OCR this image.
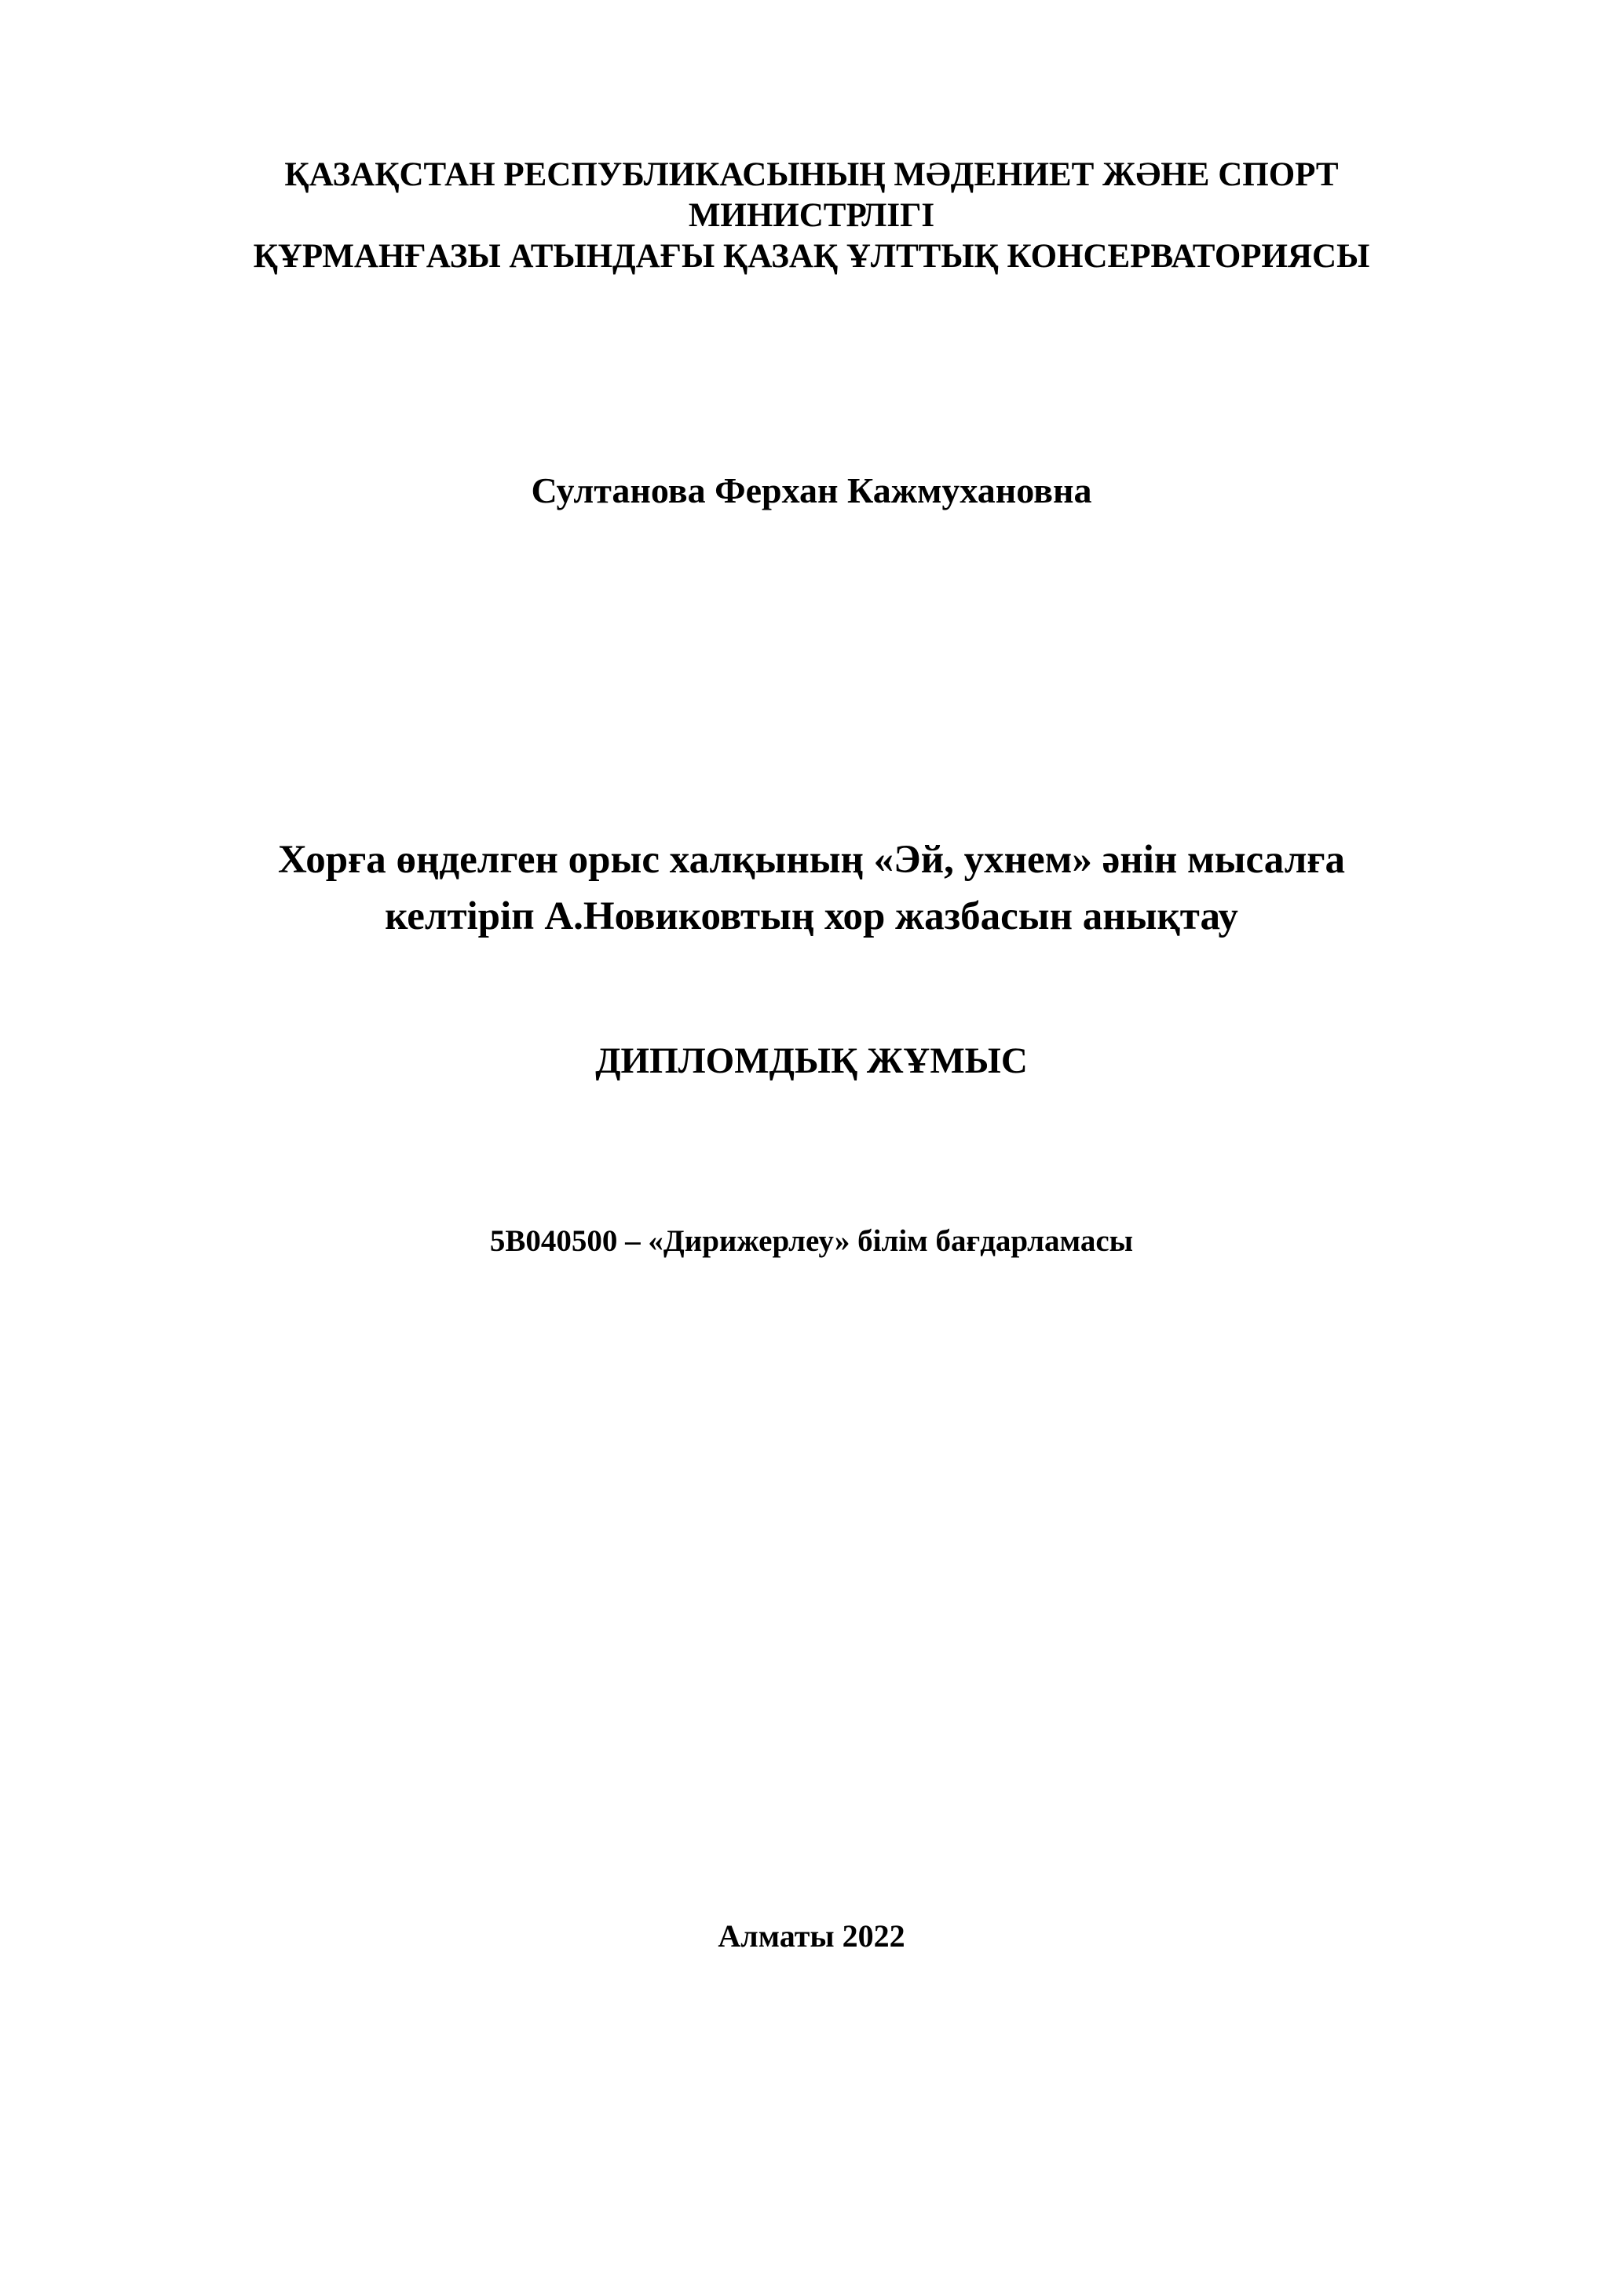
ҚАЗАҚСТАН РЕСПУБЛИКАСЫНЫҢ МӘДЕНИЕТ ЖӘНЕ СПОРТ

МИНИСТРЛІГІ

ҚҰРМАНҒАЗЫ АТЫНДАҒЫ ҚАЗАҚ ҰЛТТЫҚ КОНСЕРВАТОРИЯСЫ

Султанова Ферхан Кажмухановна

Хорға өңделген орыс халқының «Эй, ухнем» әнін мысалға

келтіріп А.Новиковтың хор жазбасын анықтау

ДИПЛОМДЫҚ ЖҰМЫС

5В040500 – «Дирижерлеу» білім бағдарламасы

Алматы 2022
